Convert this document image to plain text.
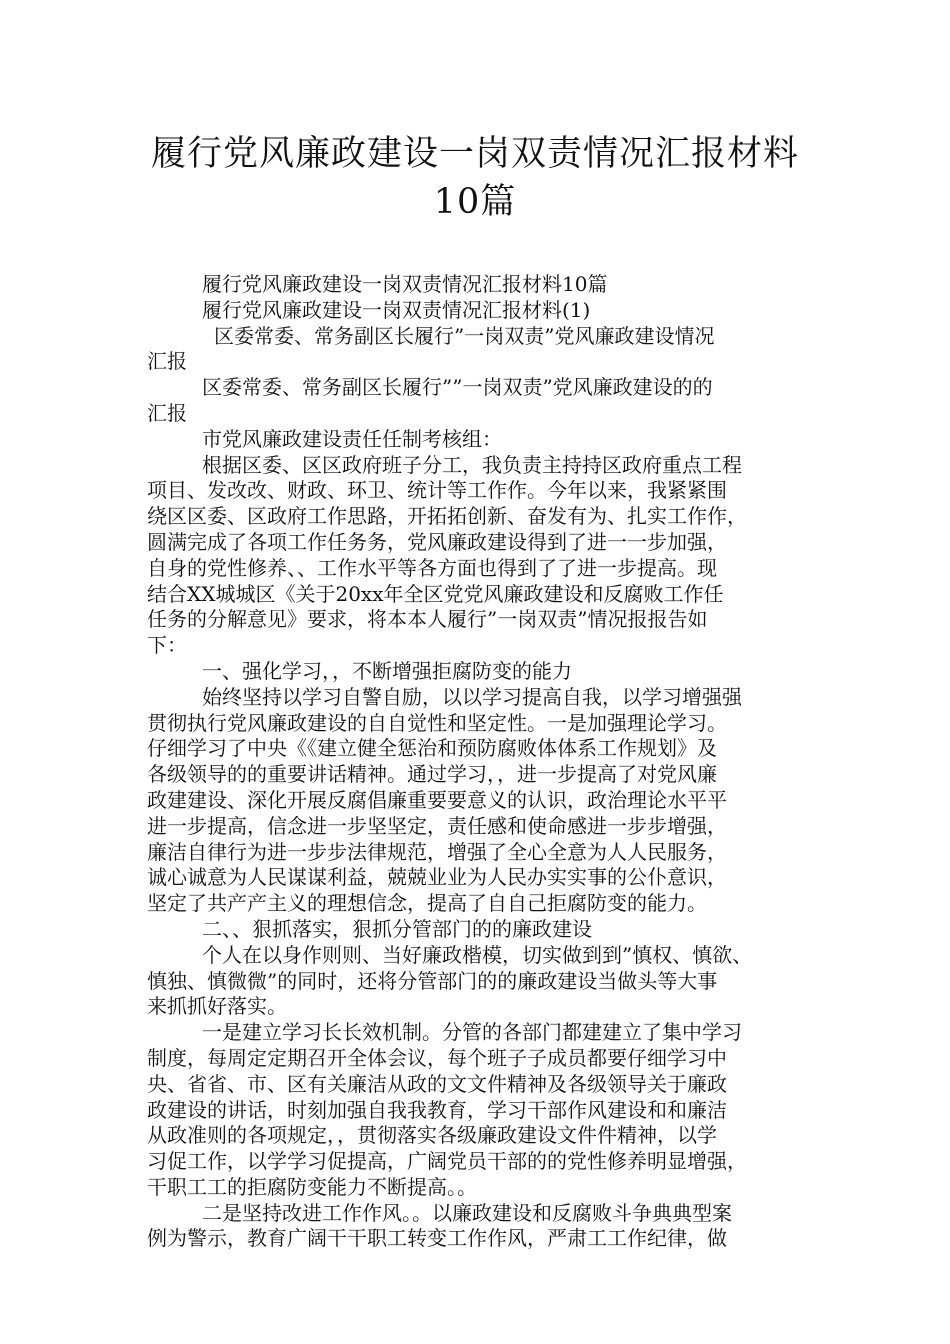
履行党风廉政建设一岗双责情况汇报材料
10篇
履行党风廉政建设一岗双责情况汇报材料10篇
履行党风廉政建设一岗双责情况汇报材料(1)
区委常委、常务副区长履行”一岗双责”党风廉政建设情况
汇报
区委常委、常务副区长履行””一岗双责”党风廉政建设的的
汇报
市党风廉政建设责任任制考核组：
根据区委、区区政府班子分工，我负责主持持区政府重点工程
项目、发改改、财政、环卫、统计等工作作。今年以来，我紧紧围
绕区区委、区政府工作思路，开拓拓创新、奋发有为、扎实工作作，
圆满完成了各项工作任务务，党风廉政建设得到了进一一步加强，
自身的党性修养、、工作水平等各方面也得到了了进一步提高。现
结合XX城城区《关于20xx年全区党党风廉政建设和反腐败工作任
任务的分解意见》要求，将本本人履行”一岗双责”情况报报告如
下：
一、强化学习，，不断增强拒腐防变的能力
始终坚持以学习自警自励，以以学习提高自我，以学习增强强
贯彻执行党风廉政建设的自自觉性和坚定性。一是加强理论学习。
仔细学习了中央《《建立健全惩治和预防腐败体体系工作规划》及
各级领导的的重要讲话精神。通过学习，，进一步提高了对党风廉
政建建设、深化开展反腐倡廉重要要意义的认识，政治理论水平平
进一步提高，信念进一步坚坚定，责任感和使命感进一步步增强，
廉洁自律行为进一步步法律规范，增强了全心全意为人人民服务，
诚心诚意为人民谋谋利益，兢兢业业为人民办实实事的公仆意识，
坚定了共产产主义的理想信念，提高了自自己拒腐防变的能力。
二、、狠抓落实，狠抓分管部门的的廉政建设
个人在以身作则则、当好廉政楷模，切实做到到”慎权、慎欲、
慎独、慎微微”的同时，还将分管部门的的廉政建设当做头等大事
来抓抓好落实。
一是建立学习长长效机制。分管的各部门都建建立了集中学习
制度，每周定定期召开全体会议，每个班子子成员都要仔细学习中
央、省省、市、区有关廉洁从政的文文件精神及各级领导关于廉政
政建设的讲话，时刻加强自我我教育，学习干部作风建设和和廉洁
从政准则的各项规定，，贯彻落实各级廉政建设文件件精神，以学
习促工作，以学学习促提高，广阔党员干部的的党性修养明显增强，
干职工工的拒腐防变能力不断提高。。
二是坚持改进工作作风。。以廉政建设和反腐败斗争典典型案
例为警示，教育广阔干干职工转变工作作风，严肃工工作纪律，做
